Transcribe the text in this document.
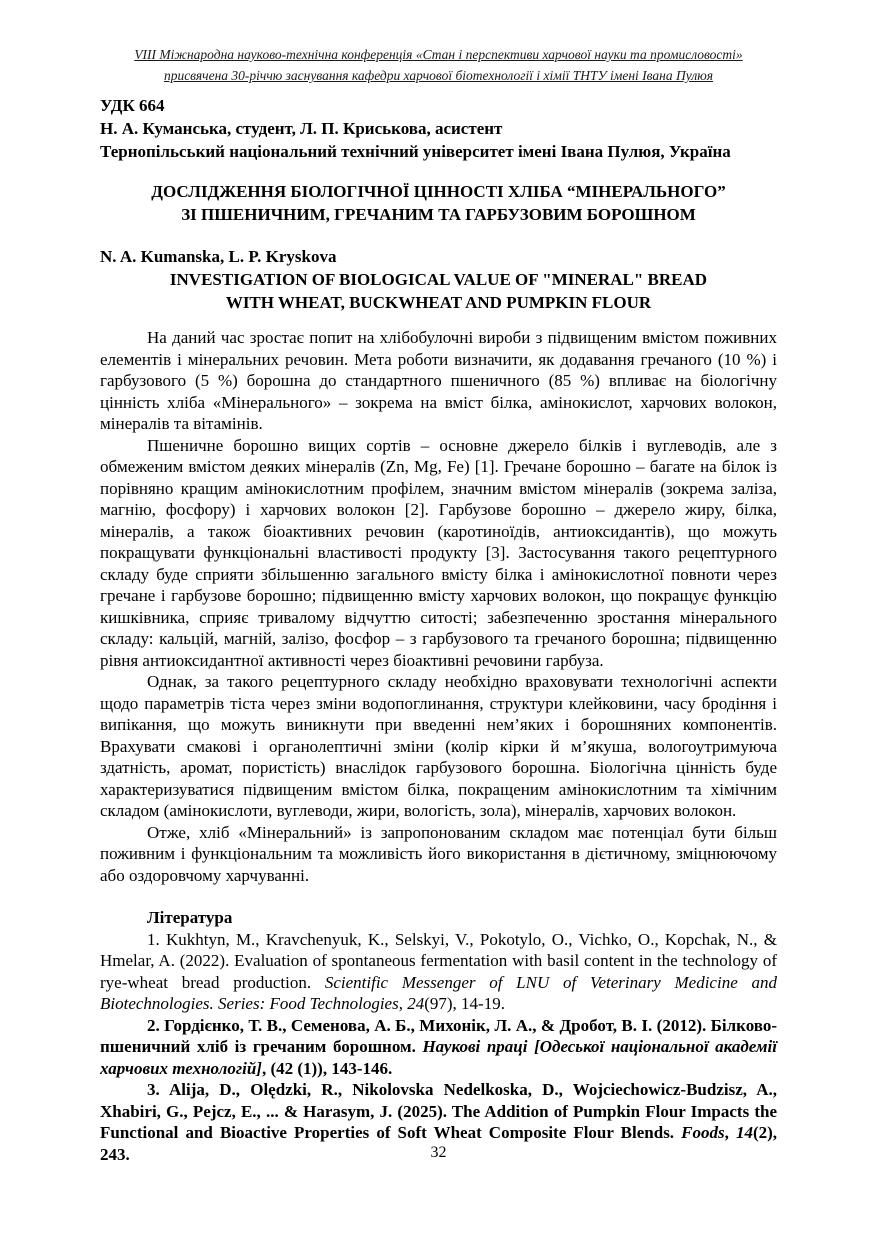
VIII Міжнародна науково-технічна конференція «Стан і перспективи харчової науки та промисловості»
присвячена 30-річчю заснування кафедри харчової біотехнології і хімії ТНТУ імені Івана Пулюя
УДК 664
Н. А. Куманська, студент, Л. П. Криськова, асистент
Тернопільський національний технічний університет імені Івана Пулюя, Україна
ДОСЛІДЖЕННЯ БІОЛОГІЧНОЇ ЦІННОСТІ ХЛІБА “МІНЕРАЛЬНОГО”
ЗІ ПШЕНИЧНИМ, ГРЕЧАНИМ ТА ГАРБУЗОВИМ БОРОШНОМ
N. A. Kumanska, L. P. Kryskova
INVESTIGATION OF BIOLOGICAL VALUE OF "MINERAL" BREAD
WITH WHEAT, BUCKWHEAT AND PUMPKIN FLOUR

На даний час зростає попит на хлібобулочні вироби з підвищеним вмістом поживних елементів і мінеральних речовин. Мета роботи визначити, як додавання гречаного (10 %) і гарбузового (5 %) борошна до стандартного пшеничного (85 %) впливає на біологічну цінність хліба «Мінерального» – зокрема на вміст білка, амінокислот, харчових волокон, мінералів та вітамінів.

Пшеничне борошно вищих сортів – основне джерело білків і вуглеводів, але з обмеженим вмістом деяких мінералів (Zn, Mg, Fe) [1]. Гречане борошно – багате на білок із порівняно кращим амінокислотним профілем, значним вмістом мінералів (зокрема заліза, магнію, фосфору) і харчових волокон [2]. Гарбузове борошно – джерело жиру, білка, мінералів, а також біоактивних речовин (каротиноїдів, антиоксидантів), що можуть покращувати функціональні властивості продукту [3]. Застосування такого рецептурного складу буде сприяти збільшенню загального вмісту білка і амінокислотної повноти через гречане і гарбузове борошно; підвищенню вмісту харчових волокон, що покращує функцію кишківника, сприяє тривалому відчуттю ситості; забезпеченню зростання мінерального складу: кальцій, магній, залізо, фосфор – з гарбузового та гречаного борошна; підвищенню рівня антиоксидантної активності через біоактивні речовини гарбуза.

Однак, за такого рецептурного складу необхідно враховувати технологічні аспекти щодо параметрів тіста через зміни водопоглинання, структури клейковини, часу бродіння і випікання, що можуть виникнути при введенні нем’яких і борошняних компонентів. Врахувати смакові і органолептичні зміни (колір кірки й м’якуша, вологоутримуюча здатність, аромат, пористість) внаслідок гарбузового борошна. Біологічна цінність буде характеризуватися підвищеним вмістом білка, покращеним амінокислотним та хімічним складом (амінокислоти, вуглеводи, жири, вологість, зола), мінералів, харчових волокон.

Отже, хліб «Мінеральний» із запропонованим складом має потенціал бути більш поживним і функціональним та можливість його використання в дієтичному, зміцнюючому або оздоровчому харчуванні.

Література

1. Kukhtyn, M., Kravchenyuk, K., Selskyi, V., Pokotylo, O., Vichko, O., Kopchak, N., & Hmelar, A. (2022). Evaluation of spontaneous fermentation with basil content in the technology of rye-wheat bread production. Scientific Messenger of LNU of Veterinary Medicine and Biotechnologies. Series: Food Technologies, 24(97), 14-19.

2. Гордієнко, Т. В., Семенова, А. Б., Михонік, Л. А., & Дробот, В. І. (2012). Білково-пшеничний хліб із гречаним борошном. Наукові праці [Одеської національної академії харчових технологій], (42 (1)), 143-146.

3. Alija, D., Olędzki, R., Nikolovska Nedelkoska, D., Wojciechowicz-Budzisz, A., Xhabiri, G., Pejcz, E., ... & Harasym, J. (2025). The Addition of Pumpkin Flour Impacts the Functional and Bioactive Properties of Soft Wheat Composite Flour Blends. Foods, 14(2), 243.	32
